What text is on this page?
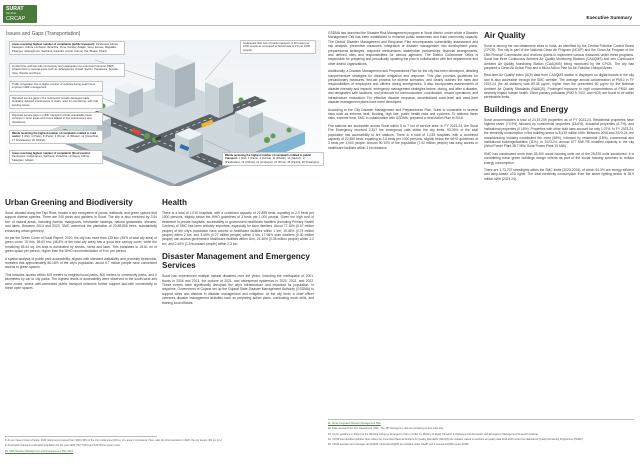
SURAT
Net-Zero
CRCAP	Executive Summary
Issues and Gaps (Transportation)
Areas receiving highest number of complaints (public transport): Pandesara, Athwa, Katargam, Udhna, Limbayat, Varachha, Puna, Rander, Adajan, Vesu, Dumas, Magdalla, Palanpur, Jahangirpura, Sarthana, Kapodra, Amroli, Kamrej, Pal, Bhatar, Piplod.
Limited first- and last-mile connectivity and inadequate non-motorised transport (NMT) infrastructure in several areas such as Jahangirpura, Kosad, Sachin, Pandesara, Simada, Vesu, Rander and Puna.
Traffic congestion due to higher number of vehicles during peak hours, improper traffic management.
Reported service gaps in the road sector include damaged roads, footpaths, delayed maintenance of roads, need for resurfacing, and road leveling issues.
Reported service gaps in public transport include unavailable travel services in some areas and issues related to bus maintenance and cleanliness.
Wards receiving the highest number of complaints related to road sector: 1 (Pal), 4 (Parle), 8 (Parle), 9 (Puna), 11 (Bhatar), 12 (Varachha), 17 (Pandesara), 20 (Piplod).
Areas receiving highest number of complaints (flood events): Pandesara, Sudamapura, Sarthana, Varachha, Limbayat, Udhna, Katargam, Adajan.
Inadequate fleet size of public transport (1.02 buses per 1000 people as compared to benchmark of 0.6 per 1000 people).
Wards receiving the highest number of complaints related to public transport: 1 (Pal), 4 (Parle), 6 (Athwa), 11 (Bhatar), 14 (Sachin), 17 (Pandesara), 19 (Udhna), 22 (Limbayat), 24 (Puna), 25 (Piplod), 26 (Katargam).
Urban Greening and Biodiversity

Surat, situated along the Tapi River, boasts a rich ecosystem of ponds, wetlands, and green spaces that support diverse species. There are 249 parks and gardens in Surat. The city is also enriched by 3.54 km² of natural areas, including forests, mangroves, freshwater swamps, natural grasslands, streams, and lakes. Between 2014 and 2023, SMC undertook the plantation of 20,88,808 trees, substantially enhancing urban greenery.

As per the Green Cover of Surat Report, 2020, the city has more than 125 km² (38% of total city area) of green cover. Of this, 58.63 km² (46.8% of the total city area) has a good tree canopy cover, while the remaining 65.44 sq. km area is dominated by shrubs, herbs and lawn. This translates to 15.81 m² of green space per person, higher than the WHO recommendation of 9 m² per person.

A spatial analysis of public park accessibility, aligned with standard walkability and proximity thresholds, revealed that approximately 86.16% of the city's population, about 6.7 million people have convenient access to green spaces.

This includes access within 400 meters to neighborhood parks, 800 meters to community parks, and 5 kilometers by car to city parks. The highest levels of accessibility were observed in the south-west and west zones, where well-connected public transport networks further support last-mile connectivity to these open spaces.

8  As per Green Cover of Surat, 2020 (document received from SMC) 38% of the city's total area (326 sq. km. area is considered. Here, also city limit extension in 2020, the city area is 461 sq. km.)

9  Assumption based on estimated population for the year 2023 (78,77,642) and 125.08 km² green cover

10  SMC Disaster Management and Preparedness Plan 2023

Health

There is a total of 1,015 hospitals, with a combined capacity of 22,859 beds, equating to 2.9 beds per 1000 persons, slightly below the WHO guidelines of 3 beds per 1,000 people. Given the high cost of treatment in private hospitals, accessibility to government healthcare facilities (including Primary Health Centers) of SMC has been critically important, especially for slum dwellers. About 77.16% (6.07 million people) of the city's population have access to healthcare facilities within 1 km; 19.46% (0.74 million people) within 2 km; and 3.49% (0.27 million people) within 3 km; 17.96% slum dwellers (0.30 million people) can access government healthcare facilities within 1km, 21.46% (0.08 million people) within 1-2 km, and 0.40% (1.5 thousand people) within 2-3 km.

Disaster Management and Emergency Services

Surat has experienced multiple natural disasters over the years, including the earthquake of 2001, floods in 2006 and 2013, the cyclone of 2021, and widespread epidemics in 2020, 2021, and 2022. These events have significantly disrupted the city's infrastructure and impacted its population. In response, Government of Gujarat set up the Gujarat State Disaster Management Authority (GSDMA) to support cities and districts in disaster management and mitigation. At the city level, a chief officer oversees disaster management activities such as preparing action plans, conducting mock drills, and training local officials.

GSDMA has launched the Disaster Risk Management program in Surat district, under which a Disaster Management Cell has been established to enhance public awareness and build community capacity. The District Disaster Management and Response Plan encompasses vulnerability assessment and risk analysis, preventive measures, integration of disaster management into development plans, preparedness strategies, response mechanisms, stakeholder partnerships, financial arrangements, and defined roles and responsibilities for various agencies. The District Collectorate Office is responsible for preparing and periodically updating the plan in collaboration with line departments and other district organizations.

Additionally, a Disaster Management and Preparedness Plan for the city has been developed, detailing comprehensive strategies for disaster mitigation and response. This plan provides guidelines for precautionary measures, first-aid process for diverse scenarios, and clearly outlines the roles and responsibilities of employees and officers during emergencies. It also incorporates assessments of disaster intensity and impacts, emergency management strategies before, during, and after a disaster, and designated safe locations, and protocols for communication, coordination, rescue operations, and infrastructure restoration. For effective disaster response, decentralized zone-level and ward-level disaster management plans have been developed.

According to the City Disaster Management and Preparedness Plan, Surat is vulnerable to several risks such as extreme heat, flooding, high tide, public health risks and cyclones. To address these risks, extreme heat, SMC in collaboration with GSDMA, prepared a Heat Action Plan in 2018.

Fire stations are accessible across Surat within 5 to 7 km of service area. In FY 2023-24, the Surat Fire Emergency received 2,817 fire emergency calls within the city limits. 93.05% of the total population has accessibility to fire stations. There is a total of 1,035 hospitals, with a combined capacity of 22,559 beds, equating to 2.8 beds per 1000 persons, slightly below the WHO guidelines of 3 beds per 1,000 people. Around 90.10% of the population (7.02 million people) has easy access to healthcare facilities within 3 km distance.

Air Quality

Surat is among the non-attainment cities in India, as identified by the Central Pollution Control Board (CPCB). The city is part of the National Clean Air Program (NCAP) and the Clean Air Program of the 15th Finance Commission and receives grants to implement various measures under these programs. Surat has three Continuous Ambient Air Quality Monitoring Stations (CAAQMS) and one Continuous Ambient Air Quality Monitoring Station (CAAQMS) being monitored by the CPCB. The city has prepared a Clean Air Action Plan and a Micro Action Plan for Air Pollution Hotspot Areas.

Real-time Air Quality Index (AQI) data from CAAQMS station is displayed on digital boards in the city and is also accessible through the SMC website. The average annual concentration of PM10 in FY 2023-24 (for all stations) was 89.45 µg/m³, higher than the prescribed 60 µg/m³ by the National Ambient Air Quality Standards (NAAQS). Prolonged exposure to high concentrations of PM10 can severely impact human health. Other primary pollutants (PM2.5, SO2, and NO2) are found to be within permissible limits.

Buildings and Energy

Surat accommodates a total of 24,19,209 properties as of FY 2023-24. Residential properties have highest share (74.9%) followed by commercial properties (18.6%), industrial properties (6.7%), and institutional properties (0.16%). Properties with other built uses account for only 1.07%. In FY 2023-24, the electricity consumption in the building sector is 8,419 million kWh. Between 2006 and 2023-24, the manufacturing industry contributed the most (68%), followed by residential (18%), commercial and institutional buildings/facilities (11%). In 2023-24, around 577 MW RE installed capacity in the city (Wind Power Plant 38.7 MW, Solar Power Plant 19 MW).

SMC has constructed more than 28,400 social housing units out of the 28,876 units sanctioned. It is considering basic green buildings design criteria as part of the social housing schemes to reduce energy consumption.

There are 1,73,797 streetlights within the SMC limits (2023-2024), of which 94.3% are energy efficient and lamp-based LED lights. The total electricity consumption from the street lighting sector is 35.9 million kWh (2023-24).

11  Surat Integrated Disaster Management Plan

12  Data received from Fire Department, SMC. The 387 Emergency calls are pertaining to Fire calls only.

13  As per guidance in 'Report of the Working Group on Emergency Care in India', by Ministry of Road Transport & Highways and discussion with Emergency Management Research Institute

14  CPCB has identified polluted cities where the prescribed National Ambient Air Quality Standards (NAAQS) are violated, based on ambient air quality data 2011-2015 under the National Air Quality Monitoring Programme (NAMP).

15  CPCB operates and manages all AAQMS. Financial AAQMS are installed under NAMP and 3 manual AAQMS under SAMP.
